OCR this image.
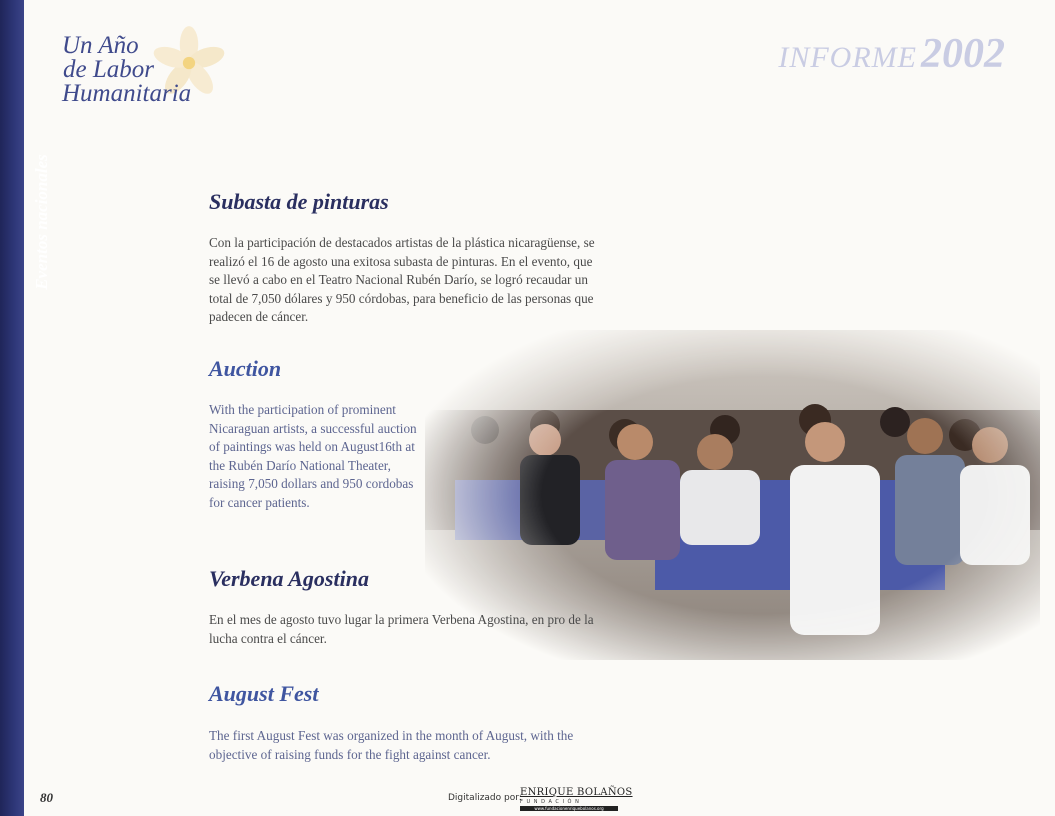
Eventos nacionales
Un Año
de Labor
Humanitaria
INFORME2002
Subasta de pinturas
Con la participación de destacados artistas de la plástica nicaragüense, se realizó el 16 de agosto una exitosa subasta de pinturas. En el evento, que se llevó a cabo en el Teatro Nacional Rubén Darío, se logró recaudar un total de 7,050 dólares y 950 córdobas, para beneficio de las personas que padecen de cáncer.
Auction
With the participation of prominent Nicaraguan artists, a successful auction of paintings was held on August16th at the Rubén Darío National Theater, raising 7,050 dollars and 950 cordobas for cancer patients.
Verbena Agostina
En el mes de agosto tuvo lugar la primera Verbena Agostina, en pro de la lucha contra el cáncer.
August Fest
The first August Fest was organized in the month of August, with the objective of raising funds for the fight against cancer.
80	Digitalizado por:
ENRIQUE BOLAÑOS
FUNDACIÓN
www.fundacionenriquebolanos.org
